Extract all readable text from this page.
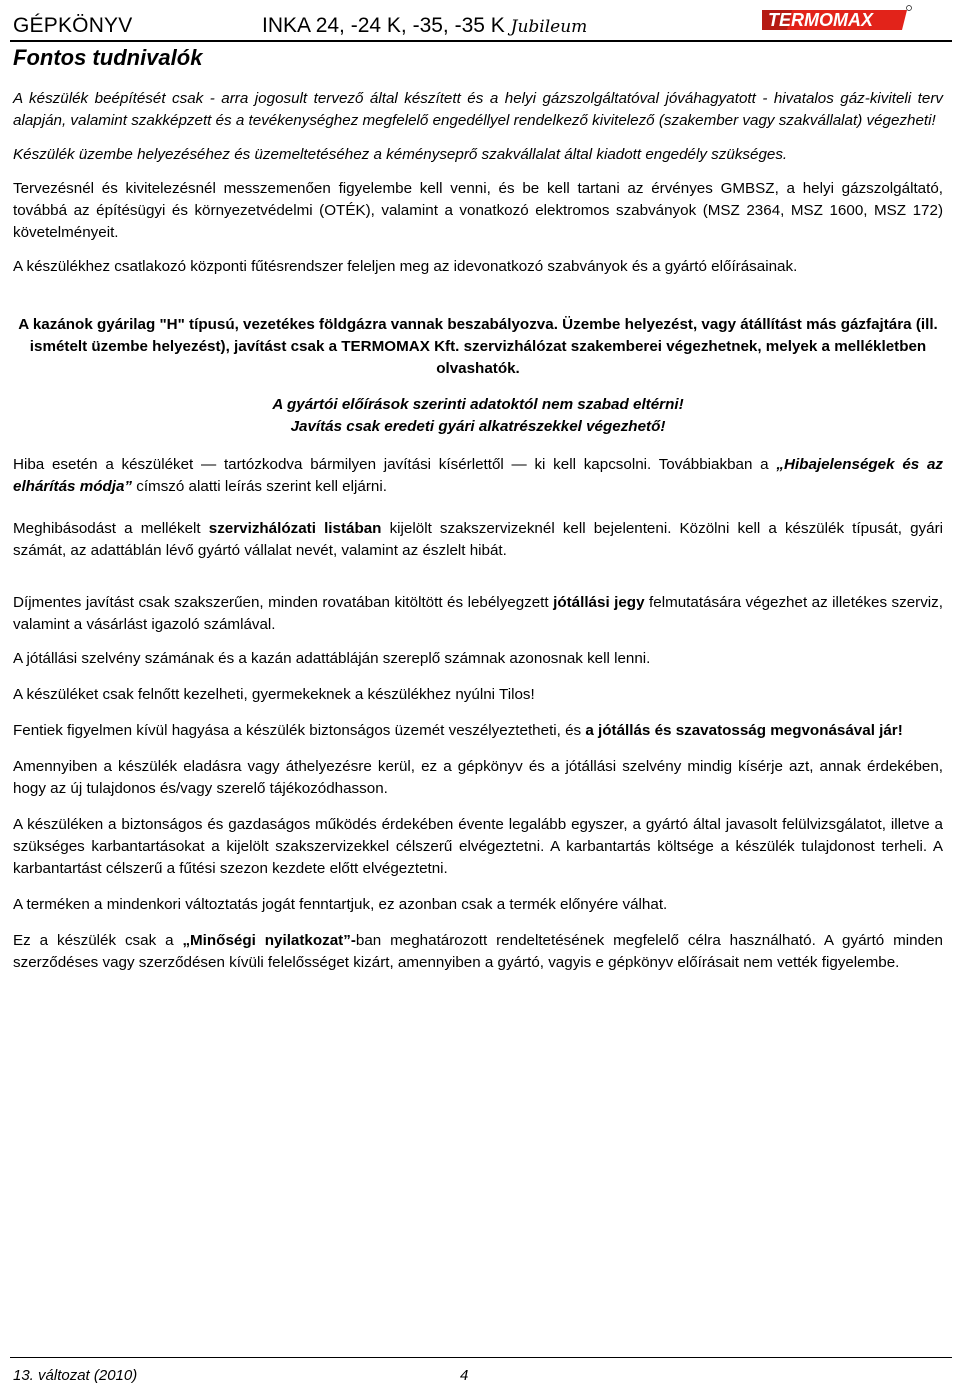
GÉPKÖNYV	INKA 24, -24 K, -35, -35 K Jubileum	TERMOMAX
Fontos tudnivalók

A készülék beépítését csak - arra jogosult tervező által készített és a helyi gázszolgáltatóval jóváhagyatott - hivatalos gáz-kiviteli terv alapján, valamint szakképzett és a tevékenységhez megfelelő engedéllyel rendelkező kivitelező (szakember vagy szakvállalat) végezheti!

Készülék üzembe helyezéséhez és üzemeltetéséhez a kéményseprő szakvállalat által kiadott engedély szükséges.

Tervezésnél és kivitelezésnél messzemenően figyelembe kell venni, és be kell tartani az érvényes GMBSZ, a helyi gázszolgáltató, továbbá az építésügyi és környezetvédelmi (OTÉK), valamint a vonatkozó elektromos szabványok (MSZ 2364, MSZ 1600, MSZ 172) követelményeit.

A készülékhez csatlakozó központi fűtésrendszer feleljen meg az idevonatkozó szabványok és a gyártó előírásainak.

A kazánok gyárilag "H" típusú, vezetékes földgázra vannak beszabályozva. Üzembe helyezést, vagy átállítást más gázfajtára (ill. ismételt üzembe helyezést), javítást csak a TERMOMAX Kft. szervizhálózat szakemberei végezhetnek, melyek a mellékletben olvashatók.

A gyártói előírások szerinti adatoktól nem szabad eltérni!

Javítás csak eredeti gyári alkatrészekkel végezhető!

Hiba esetén a készüléket — tartózkodva bármilyen javítási kísérlettől — ki kell kapcsolni. Továbbiakban a „Hibajelenségek és az elhárítás módja” címszó alatti leírás szerint kell eljárni.

Meghibásodást a mellékelt szervizhálózati listában kijelölt szakszervizeknél kell bejelenteni. Közölni kell a készülék típusát, gyári számát, az adattáblán lévő gyártó vállalat nevét, valamint az észlelt hibát.

Díjmentes javítást csak szakszerűen, minden rovatában kitöltött és lebélyegzett jótállási jegy felmutatására végezhet az illetékes szerviz, valamint a vásárlást igazoló számlával.

A jótállási szelvény számának és a kazán adattábláján szereplő számnak azonosnak kell lenni.

A készüléket csak felnőtt kezelheti, gyermekeknek a készülékhez nyúlni Tilos!

Fentiek figyelmen kívül hagyása a készülék biztonságos üzemét veszélyeztetheti, és a jótállás és szavatosság megvonásával jár!

Amennyiben a készülék eladásra vagy áthelyezésre kerül, ez a gépkönyv és a jótállási szelvény mindig kísérje azt, annak érdekében, hogy az új tulajdonos és/vagy szerelő tájékozódhasson.

A készüléken a biztonságos és gazdaságos működés érdekében évente legalább egyszer, a gyártó által javasolt felülvizsgálatot, illetve a szükséges karbantartásokat a kijelölt szakszervizekkel célszerű elvégeztetni. A karbantartás költsége a készülék tulajdonost terheli. A karbantartást célszerű a fűtési szezon kezdete előtt elvégeztetni.

A terméken a mindenkori változtatás jogát fenntartjuk, ez azonban csak a termék előnyére válhat.

Ez a készülék csak a „Minőségi nyilatkozat”-ban meghatározott rendeltetésének megfelelő célra használható. A gyártó minden szerződéses vagy szerződésen kívüli felelősséget kizárt, amennyiben a gyártó, vagyis e gépkönyv előírásait nem vették figyelembe.

13. változat (2010)	4
